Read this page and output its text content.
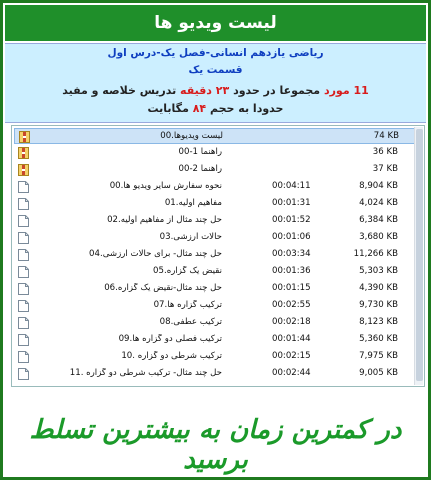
لیست ویدیو ها
ریاضی یازدهم انسانی-فصل یک-درس اول
قسمت یک
11 مورد مجموعا در حدود ۲۳ دقیقه تدریس خلاصه و مفید
حدودا به حجم ۸۴ مگابایت
لیست ویدیوها.00	74 KB
راهنما 1-00	36 KB
راهنما 2-00	37 KB
نحوه سفارش سایر ویدیو ها.00	00:04:11	8,904 KB
مفاهیم اولیه.01	00:01:31	4,024 KB
حل چند مثال از مفاهیم اولیه.02	00:01:52	6,384 KB
حالات ارزشی.03	00:01:06	3,680 KB
حل چند مثال- برای حالات ارزشی.04	00:03:34	11,266 KB
نقیض یک گزاره.05	00:01:36	5,303 KB
حل چند مثال-نقیض یک گزاره.06	00:01:15	4,390 KB
ترکیب گزاره ها.07	00:02:55	9,730 KB
ترکیب عطفی.08	00:02:18	8,123 KB
ترکیب فصلی دو گزاره ها.09	00:01:44	5,360 KB
ترکیب شرطی دو گزاره .10	00:02:15	7,975 KB
حل چند مثال- ترکیب شرطی دو گزاره .11	00:02:44	9,005 KB
در کمترین زمان به بیشترین تسلط برسید
